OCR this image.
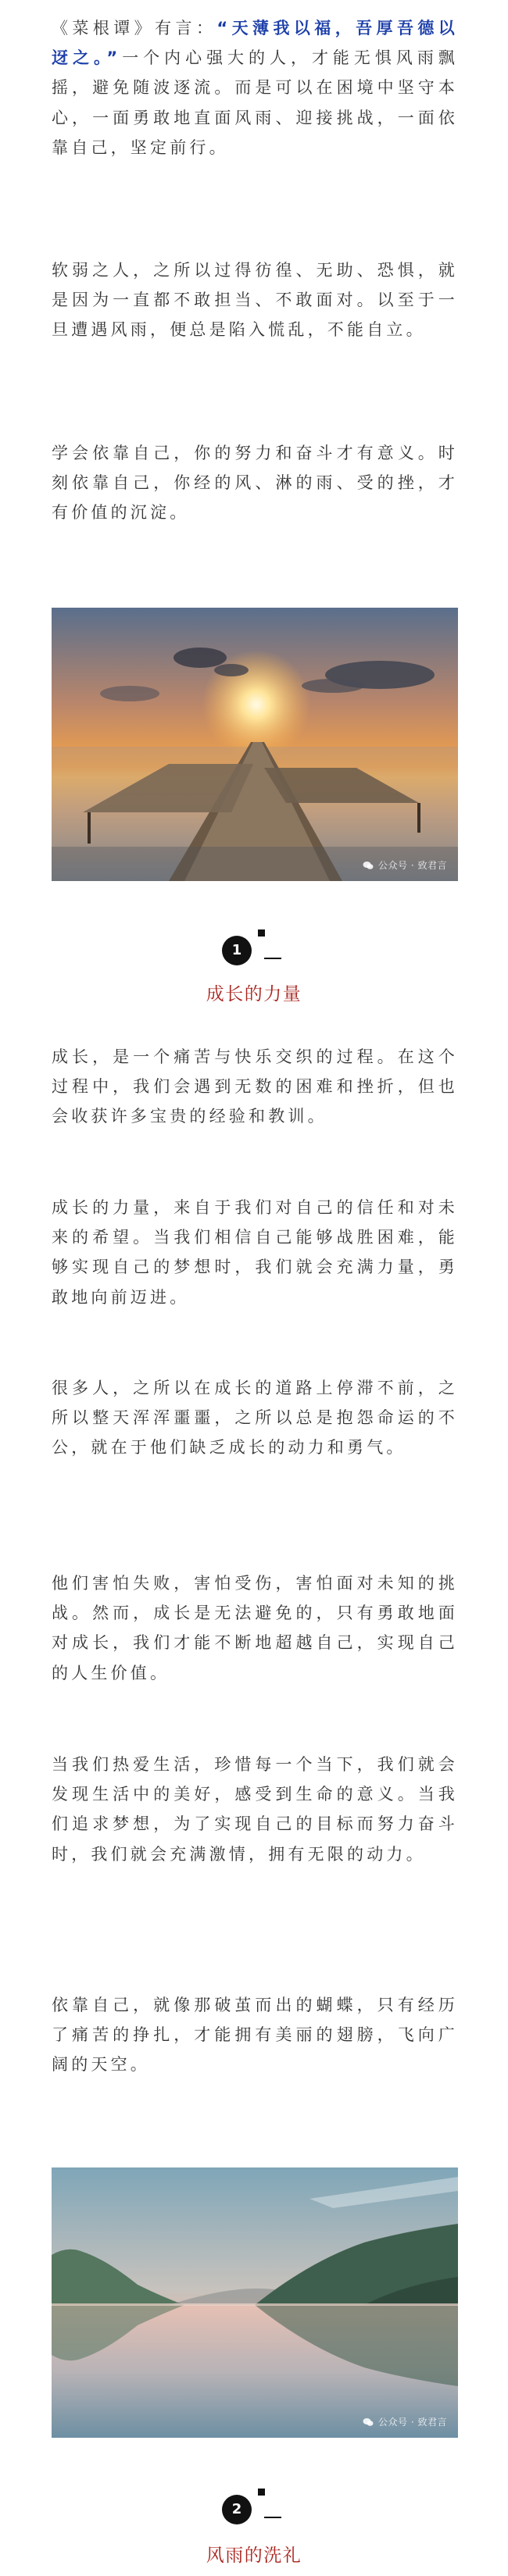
《菜根谭》有言：“天薄我以福，吾厚吾德以迓之。”一个内心强大的人，才能无惧风雨飘摇，避免随波逐流。而是可以在困境中坚守本心，一面勇敢地直面风雨、迎接挑战，一面依靠自己，坚定前行。

软弱之人，之所以过得彷徨、无助、恐惧，就是因为一直都不敢担当、不敢面对。以至于一旦遭遇风雨，便总是陷入慌乱，不能自立。

学会依靠自己，你的努力和奋斗才有意义。时刻依靠自己，你经的风、淋的雨、受的挫，才有价值的沉淀。

公众号 · 致君言
1
成长的力量

成长，是一个痛苦与快乐交织的过程。在这个过程中，我们会遇到无数的困难和挫折，但也会收获许多宝贵的经验和教训。

成长的力量，来自于我们对自己的信任和对未来的希望。当我们相信自己能够战胜困难，能够实现自己的梦想时，我们就会充满力量，勇敢地向前迈进。

很多人，之所以在成长的道路上停滞不前，之所以整天浑浑噩噩，之所以总是抱怨命运的不公，就在于他们缺乏成长的动力和勇气。

他们害怕失败，害怕受伤，害怕面对未知的挑战。然而，成长是无法避免的，只有勇敢地面对成长，我们才能不断地超越自己，实现自己的人生价值。

当我们热爱生活，珍惜每一个当下，我们就会发现生活中的美好，感受到生命的意义。当我们追求梦想，为了实现自己的目标而努力奋斗时，我们就会充满激情，拥有无限的动力。

依靠自己，就像那破茧而出的蝴蝶，只有经历了痛苦的挣扎，才能拥有美丽的翅膀，飞向广阔的天空。

公众号 · 致君言
2
风雨的洗礼
